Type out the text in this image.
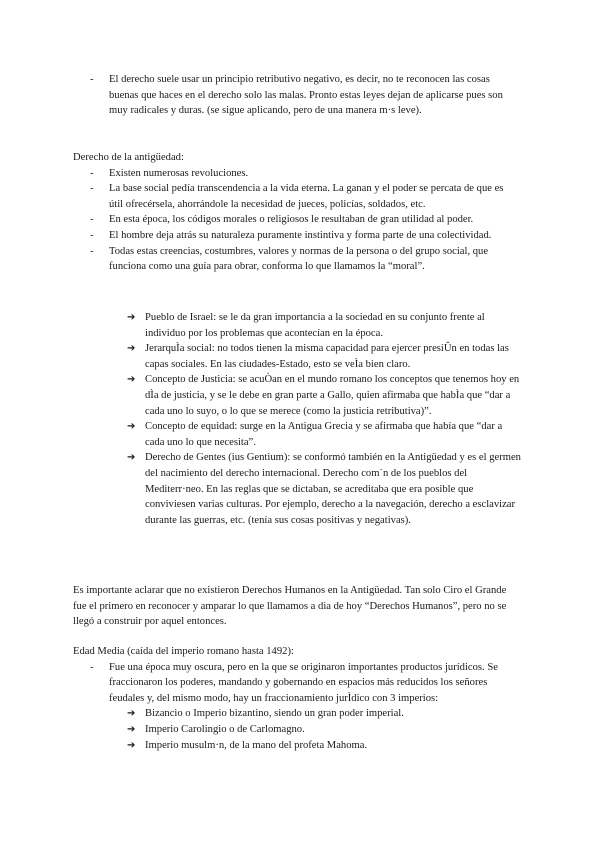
- El derecho suele usar un principio retributivo negativo, es decir, no te reconocen las cosas buenas que haces en el derecho solo las malas. Pronto estas leyes dejan de aplicarse pues son muy radicales y duras. (se sigue aplicando, pero de una manera m·s leve).
Derecho de la antigüedad:
- Existen numerosas revoluciones.
- La base social pedía transcendencia a la vida eterna. La ganan y el poder se percata de que es útil ofrecérsela, ahorrándole la necesidad de jueces, policías, soldados, etc.
- En esta época, los códigos morales o religiosos le resultaban de gran utilidad al poder.
- El hombre deja atrás su naturaleza puramente instintiva y forma parte de una colectividad.
- Todas estas creencias, costumbres, valores y normas de la persona o del grupo social, que funciona como una guía para obrar, conforma lo que llamamos la “moral”.
➔ Pueblo de Israel: se le da gran importancia a la sociedad en su conjunto frente al individuo por los problemas que acontecían en la época.
➔ JerarquÌa social: no todos tienen la misma capacidad para ejercer presiÛn en todas las capas sociales. En las ciudades-Estado, esto se veÌa bien claro.
➔ Concepto de Justicia: se acuÒan en el mundo romano los conceptos que tenemos hoy en dÌa de justicia, y se le debe en gran parte a Gallo, quien afirmaba que habÌa que “dar a cada uno lo suyo, o lo que se merece (como la justicia retributiva)”.
➔ Concepto de equidad: surge en la Antigua Grecia y se afirmaba que había que “dar a cada uno lo que necesita”.
➔ Derecho de Gentes (ius Gentium): se conformó también en la Antigüedad y es el germen del nacimiento del derecho internacional. Derecho com˙n de los pueblos del Mediterr·neo. En las reglas que se dictaban, se acreditaba que era posible que conviviesen varias culturas. Por ejemplo, derecho a la navegación, derecho a esclavizar durante las guerras, etc. (tenía sus cosas positivas y negativas).
Es importante aclarar que no existieron Derechos Humanos en la Antigüedad. Tan solo Ciro el Grande fue el primero en reconocer y amparar lo que llamamos a dia de hoy “Derechos Humanos”, pero no se llegó a construir por aquel entonces.
Edad Media (caída del imperio romano hasta 1492):
- Fue una época muy oscura, pero en la que se originaron importantes productos jurídicos. Se fraccionaron los poderes, mandando y gobernando en espacios más reducidos los señores feudales y, del mismo modo, hay un fraccionamiento jurÌdico con 3 imperios:
➔ Bizancio o Imperio bizantino, siendo un gran poder imperial.
➔ Imperio Carolingio o de Carlomagno.
➔ Imperio musulm·n, de la mano del profeta Mahoma.
